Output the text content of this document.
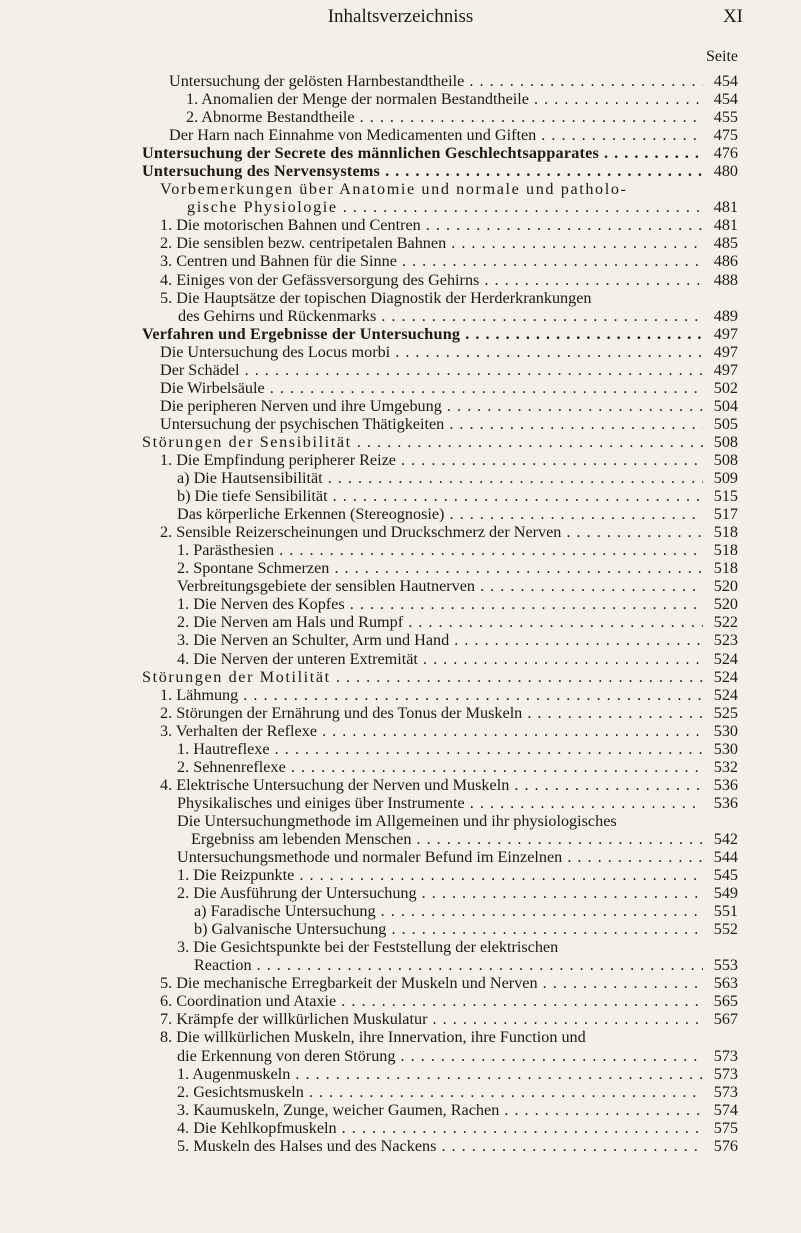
Inhaltsverzeichniss	XI
Seite
Untersuchung der gelösten Harnbestandtheile . . .	454
1. Anomalien der Menge der normalen Bestandtheile . . .	454
2. Abnorme Bestandtheile . . .	455
Der Harn nach Einnahme von Medicamenten und Giften . . .	475
Untersuchung der Secrete des männlichen Geschlechtsapparates . . .	476
Untersuchung des Nervensystems . . .	480
Vorbemerkungen über Anatomie und normale und patholo-
gische Physiologie . . .	481
1. Die motorischen Bahnen und Centren . . .	481
2. Die sensiblen bezw. centripetalen Bahnen . . .	485
3. Centren und Bahnen für die Sinne . . .	486
4. Einiges von der Gefässversorgung des Gehirns . . .	488
5. Die Hauptsätze der topischen Diagnostik der Herderkrankungen
des Gehirns und Rückenmarks . . .	489
Verfahren und Ergebnisse der Untersuchung . . .	497
Die Untersuchung des Locus morbi . . .	497
Der Schädel . . .	497
Die Wirbelsäule . . .	502
Die peripheren Nerven und ihre Umgebung . . .	504
Untersuchung der psychischen Thätigkeiten . . .	505
Störungen der Sensibilität . . .	508
1. Die Empfindung peripherer Reize . . .	508
a) Die Hautsensibilität . . .	509
b) Die tiefe Sensibilität . . .	515
Das körperliche Erkennen (Stereognosie) . . .	517
2. Sensible Reizerscheinungen und Druckschmerz der Nerven . . .	518
1. Parästhesien . . .	518
2. Spontane Schmerzen . . .	518
Verbreitungsgebiete der sensiblen Hautnerven . . .	520
1. Die Nerven des Kopfes . . .	520
2. Die Nerven am Hals und Rumpf . . .	522
3. Die Nerven an Schulter, Arm und Hand . . .	523
4. Die Nerven der unteren Extremität . . .	524
Störungen der Motilität . . .	524
1. Lähmung . . .	524
2. Störungen der Ernährung und des Tonus der Muskeln . . .	525
3. Verhalten der Reflexe . . .	530
1. Hautreflexe . . .	530
2. Sehnenreflexe . . .	532
4. Elektrische Untersuchung der Nerven und Muskeln . . .	536
Physikalisches und einiges über Instrumente . . .	536
Die Untersuchungmethode im Allgemeinen und ihr physiologisches
Ergebniss am lebenden Menschen . . .	542
Untersuchungsmethode und normaler Befund im Einzelnen . . .	544
1. Die Reizpunkte . . .	545
2. Die Ausführung der Untersuchung . . .	549
a) Faradische Untersuchung . . .	551
b) Galvanische Untersuchung . . .	552
3. Die Gesichtspunkte bei der Feststellung der elektrischen
Reaction . . .	553
5. Die mechanische Erregbarkeit der Muskeln und Nerven . . .	563
6. Coordination und Ataxie . . .	565
7. Krämpfe der willkürlichen Muskulatur . . .	567
8. Die willkürlichen Muskeln, ihre Innervation, ihre Function und
die Erkennung von deren Störung . . .	573
1. Augenmuskeln . . .	573
2. Gesichtsmuskeln . . .	573
3. Kaumuskeln, Zunge, weicher Gaumen, Rachen . . .	574
4. Die Kehlkopfmuskeln . . .	575
5. Muskeln des Halses und des Nackens . . .	576
